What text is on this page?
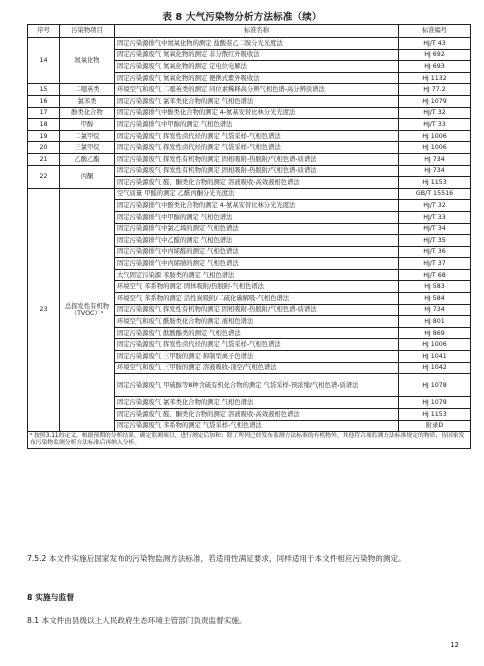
表 8 大气污染物分析方法标准（续）
序号	污染物项目	标准名称	标准编号
14	氮氧化物	固定污染源排气中氮氧化物的测定 盐酸萘乙二胺分光光度法	HJ/T 43
		固定污染源废气 氮氧化物的测定 非分散红外吸收法	HJ 692
		固定污染源废气 氮氧化物的测定 定电位电解法	HJ 693
		固定污染源废气 氮氧化物的测定 便携式紫外吸收法	HJ 1132
15	二噁英类	环境空气和废气 二噁英类的测定 同位素稀释高分辨气相色谱-高分辨质谱法	HJ 77.2
16	氯苯类	固定污染源废气 氯苯类化合物的测定 气相色谱法	HJ 1079
17	酚类化合物	固定污染源排气中酚类化合物的测定 4-氨基安替比林分光光度法	HJ/T 32
18	甲醇	固定污染源排气中甲醇的测定 气相色谱法	HJ/T 33
19	二氯甲烷	固定污染源废气 挥发性卤代烃的测定 气袋采样-气相色谱法	HJ 1006
20	三氯甲烷	固定污染源废气 挥发性卤代烃的测定 气袋采样-气相色谱法	HJ 1006
21	乙酸乙酯	固定污染源废气 挥发性有机物的测定 固相吸附-热脱附/气相色谱-质谱法	HJ 734
22	丙酮	固定污染源废气 挥发性有机物的测定 固相吸附-热脱附/气相色谱-质谱法	HJ 734
		固定污染源废气 醛、酮类化合物的测定 溶液吸收-高效液相色谱法	HJ 1153
23	总挥发性有机物（TVOC）ᵃ	空气质量 甲醛的测定 乙酰丙酮分光光度法	GB/T 15516
		固定污染源排气中酚类化合物的测定 4-氨基安替比林分光光度法	HJ/T 32
		固定污染源排气中甲醇的测定 气相色谱法	HJ/T 33
		固定污染源排气中氯乙烯的测定 气相色谱法	HJ/T 34
		固定污染源排气中乙醛的测定 气相色谱法	HJ/T 35
		固定污染源排气中丙烯醛的测定 气相色谱法	HJ/T 36
		固定污染源排气中丙烯腈的测定 气相色谱法	HJ/T 37
		大气固定污染源 苯胺类的测定 气相色谱法	HJ/T 68
		环境空气 苯系物的测定 固体吸附/热脱附-气相色谱法	HJ 583
		环境空气 苯系物的测定 活性炭吸附/二硫化碳解吸-气相色谱法	HJ 584
		固定污染源废气 挥发性有机物的测定 固相吸附-热脱附/气相色谱-质谱法	HJ 734
		环境空气和废气 酰胺类化合物的测定 液相色谱法	HJ 801
		固定污染源废气 酞酸酯类的测定 气相色谱法	HJ 869
		固定污染源废气 挥发性卤代烃的测定 气袋采样-气相色谱法	HJ 1006
		固定污染源废气 三甲胺的测定 抑制型离子色谱法	HJ 1041
		环境空气和废气 三甲胺的测定 溶液吸收-顶空/气相色谱法	HJ 1042
		固定污染源废气 甲硫醇等8种含硫有机化合物的测定 气袋采样-预浓缩/气相色谱-质谱法	HJ 1078
		固定污染源废气 氯苯类化合物的测定 气相色谱法	HJ 1079
		固定污染源废气 醛、酮类化合物的测定 溶液吸收-高效液相色谱法	HJ 1153
		固定污染源废气 苯系物的测定 气袋采样-气相色谱法	附录D
ᵃ 按照3.11的定义，根据预期的分析结果，确定监测项目，进行测定后加和；除了所列已经发布监测方法标准的有机物外，其他符合项监测方法标准规定的物质，待国家发布污染物监测分析方法标准后再纳入分析。			
7.5.2 本文件实施后国家发布的污染物监测方法标准，若适用性满足要求，同样适用于本文件相应污染物的测定。
8 实施与监督
8.1 本文件由县级以上人民政府生态环境主管部门负责监督实施。
12
